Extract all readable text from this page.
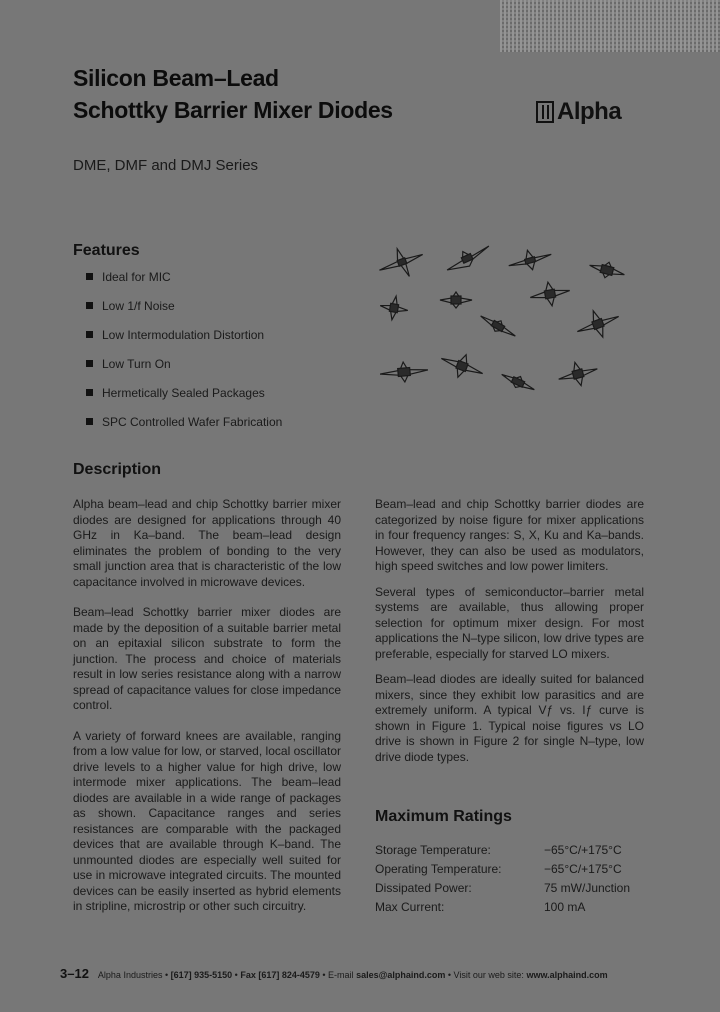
Silicon Beam–Lead
Schottky Barrier Mixer Diodes	Alpha
DME, DMF and DMJ Series
Features
Ideal for MIC
Low 1/f Noise
Low Intermodulation Distortion
Low Turn On
Hermetically Sealed Packages
SPC Controlled Wafer Fabrication
Description

Alpha beam–lead and chip Schottky barrier mixer diodes are designed for applications through 40 GHz in Ka–band. The beam–lead design eliminates the problem of bonding to the very small junction area that is characteristic of the low capacitance involved in microwave devices.

Beam–lead Schottky barrier mixer diodes are made by the deposition of a suitable barrier metal on an epitaxial silicon substrate to form the junction. The process and choice of materials result in low series resistance along with a narrow spread of capacitance values for close impedance control.

A variety of forward knees are available, ranging from a low value for low, or starved, local oscillator drive levels to a higher value for high drive, low intermode mixer applications. The beam–lead diodes are available in a wide range of packages as shown. Capacitance ranges and series resistances are comparable with the packaged devices that are available through K–band. The unmounted diodes are especially well suited for use in microwave integrated circuits. The mounted devices can be easily inserted as hybrid elements in stripline, microstrip or other such circuitry.

Beam–lead and chip Schottky barrier diodes are categorized by noise figure for mixer applications in four frequency ranges: S, X, Ku and Ka–bands. However, they can also be used as modulators, high speed switches and low power limiters.

Several types of semiconductor–barrier metal systems are available, thus allowing proper selection for optimum mixer design. For most applications the N–type silicon, low drive types are preferable, especially for starved LO mixers.

Beam–lead diodes are ideally suited for balanced mixers, since they exhibit low parasitics and are extremely uniform. A typical Vƒ vs. Iƒ curve is shown in Figure 1. Typical noise figures vs LO drive is shown in Figure 2 for single N–type, low drive diode types.

Maximum Ratings
Storage Temperature:	−65°C/+175°C
Operating Temperature:	−65°C/+175°C
Dissipated Power:	75 mW/Junction
Max Current:	100 mA
3–12 Alpha Industries • [617] 935-5150 • Fax [617] 824-4579 • E-mail sales@alphaind.com • Visit our web site: www.alphaind.com
